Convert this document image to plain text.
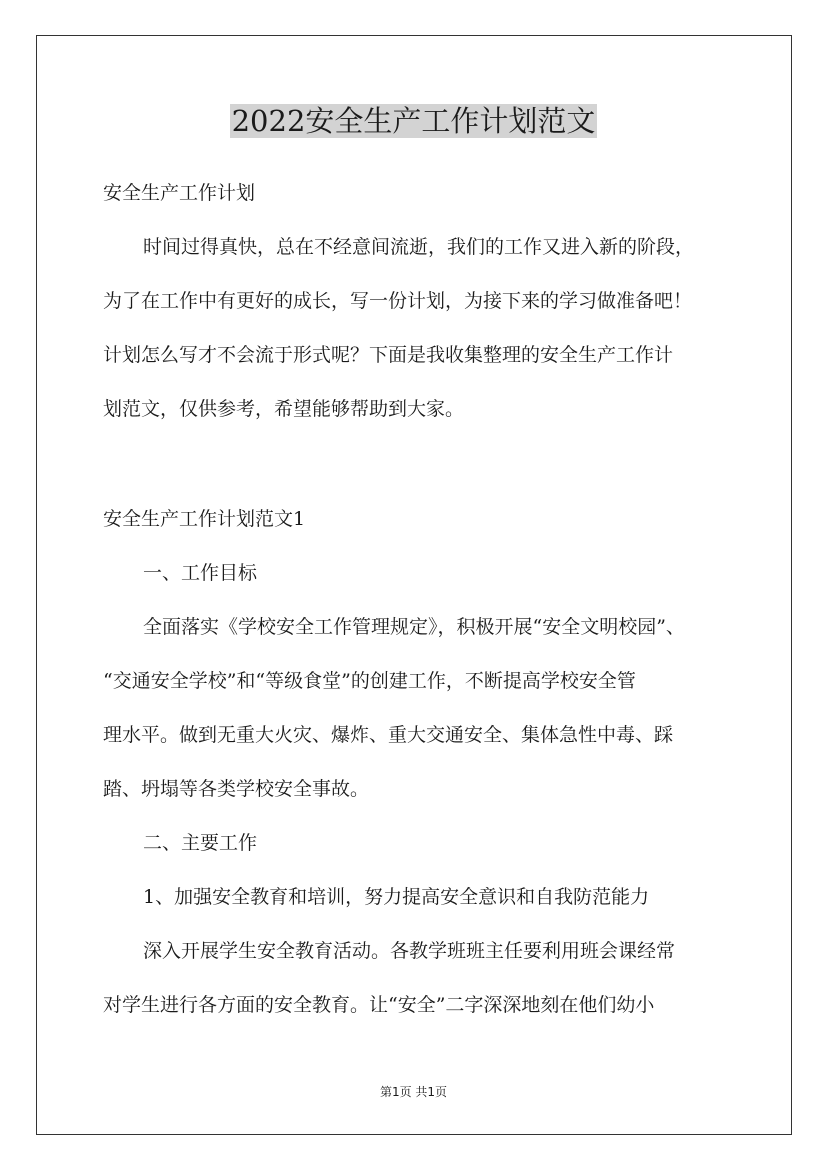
2022安全生产工作计划范文
安全生产工作计划
时间过得真快，总在不经意间流逝，我们的工作又进入新的阶段，
为了在工作中有更好的成长，写一份计划，为接下来的学习做准备吧！
计划怎么写才不会流于形式呢？下面是我收集整理的安全生产工作计
划范文，仅供参考，希望能够帮助到大家。
安全生产工作计划范文1
一、工作目标
全面落实《学校安全工作管理规定》，积极开展“安全文明校园”、
“交通安全学校”和“等级食堂”的创建工作，不断提高学校安全管
理水平。做到无重大火灾、爆炸、重大交通安全、集体急性中毒、踩
踏、坍塌等各类学校安全事故。
二、主要工作
1、加强安全教育和培训，努力提高安全意识和自我防范能力
深入开展学生安全教育活动。各教学班班主任要利用班会课经常
对学生进行各方面的安全教育。让“安全”二字深深地刻在他们幼小
第1页 共1页
